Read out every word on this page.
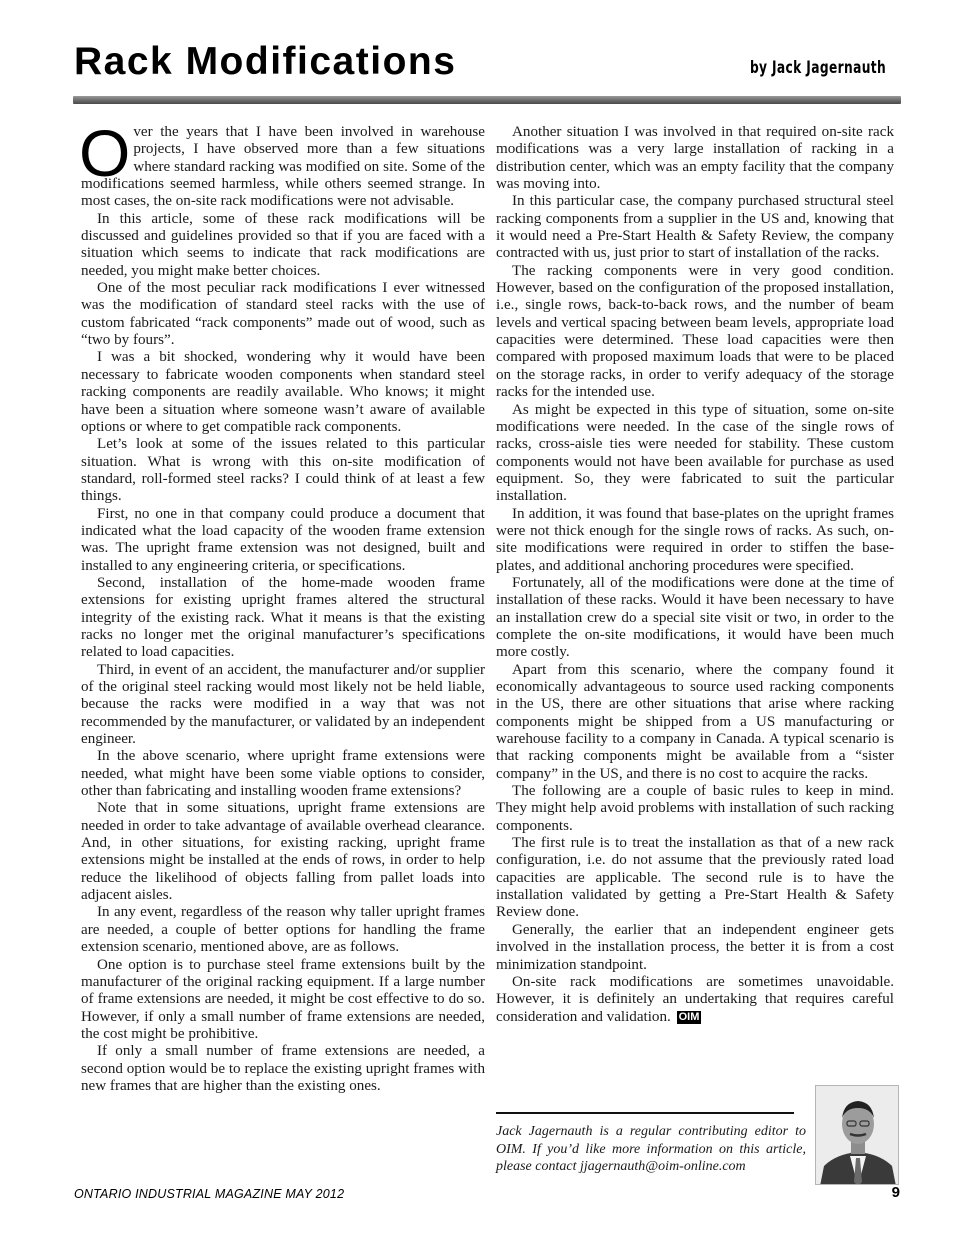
Rack Modifications	by Jack Jagernauth

Over the years that I have been involved in warehouse projects, I have observed more than a few situations where standard racking was modified on site. Some of the modifications seemed harmless, while others seemed strange. In most cases, the on-site rack modifications were not advisable.

In this article, some of these rack modifications will be discussed and guidelines provided so that if you are faced with a situation which seems to indicate that rack modifications are needed, you might make better choices.

One of the most peculiar rack modifications I ever witnessed was the modification of standard steel racks with the use of custom fabricated “rack components” made out of wood, such as “two by fours”.

I was a bit shocked, wondering why it would have been necessary to fabricate wooden components when standard steel racking components are readily available. Who knows; it might have been a situation where someone wasn’t aware of available options or where to get compatible rack components.

Let’s look at some of the issues related to this particular situation. What is wrong with this on-site modification of standard, roll-formed steel racks? I could think of at least a few things.

First, no one in that company could produce a document that indicated what the load capacity of the wooden frame extension was. The upright frame extension was not designed, built and installed to any engineering criteria, or specifications.

Second, installation of the home-made wooden frame extensions for existing upright frames altered the structural integrity of the existing rack. What it means is that the existing racks no longer met the original manufacturer’s specifications related to load capacities.

Third, in event of an accident, the manufacturer and/or supplier of the original steel racking would most likely not be held liable, because the racks were modified in a way that was not recommended by the manufacturer, or validated by an independent engineer.

In the above scenario, where upright frame extensions were needed, what might have been some viable options to consider, other than fabricating and installing wooden frame extensions?

Note that in some situations, upright frame extensions are needed in order to take advantage of available overhead clearance. And, in other situations, for existing racking, upright frame extensions might be installed at the ends of rows, in order to help reduce the likelihood of objects falling from pallet loads into adjacent aisles.

In any event, regardless of the reason why taller upright frames are needed, a couple of better options for handling the frame extension scenario, mentioned above, are as follows.

One option is to purchase steel frame extensions built by the manufacturer of the original racking equipment. If a large number of frame extensions are needed, it might be cost effective to do so. However, if only a small number of frame extensions are needed, the cost might be prohibitive.

If only a small number of frame extensions are needed, a second option would be to replace the existing upright frames with new frames that are higher than the existing ones.

Another situation I was involved in that required on-site rack modifications was a very large installation of racking in a distribution center, which was an empty facility that the company was moving into.

In this particular case, the company purchased structural steel racking components from a supplier in the US and, knowing that it would need a Pre-Start Health & Safety Review, the company contracted with us, just prior to start of installation of the racks.

The racking components were in very good condition. However, based on the configuration of the proposed installation, i.e., single rows, back-to-back rows, and the number of beam levels and vertical spacing between beam levels, appropriate load capacities were determined. These load capacities were then compared with proposed maximum loads that were to be placed on the storage racks, in order to verify adequacy of the storage racks for the intended use.

As might be expected in this type of situation, some on-site modifications were needed. In the case of the single rows of racks, cross-aisle ties were needed for stability. These custom components would not have been available for purchase as used equipment. So, they were fabricated to suit the particular installation.

In addition, it was found that base-plates on the upright frames were not thick enough for the single rows of racks. As such, on-site modifications were required in order to stiffen the base-plates, and additional anchoring procedures were specified.

Fortunately, all of the modifications were done at the time of installation of these racks. Would it have been necessary to have an installation crew do a special site visit or two, in order to the complete the on-site modifications, it would have been much more costly.

Apart from this scenario, where the company found it economically advantageous to source used racking components in the US, there are other situations that arise where racking components might be shipped from a US manufacturing or warehouse facility to a company in Canada. A typical scenario is that racking components might be available from a “sister company” in the US, and there is no cost to acquire the racks.

The following are a couple of basic rules to keep in mind. They might help avoid problems with installation of such racking components.

The first rule is to treat the installation as that of a new rack configuration, i.e. do not assume that the previously rated load capacities are applicable. The second rule is to have the installation validated by getting a Pre-Start Health & Safety Review done.

Generally, the earlier that an independent engineer gets involved in the installation process, the better it is from a cost minimization standpoint.

On-site rack modifications are sometimes unavoidable. However, it is definitely an undertaking that requires careful consideration and validation. OIM

Jack Jagernauth is a regular contributing editor to OIM. If you’d like more information on this article, please contact jjagernauth@oim-online.com

ONTARIO INDUSTRIAL MAGAZINE MAY 2012	9
